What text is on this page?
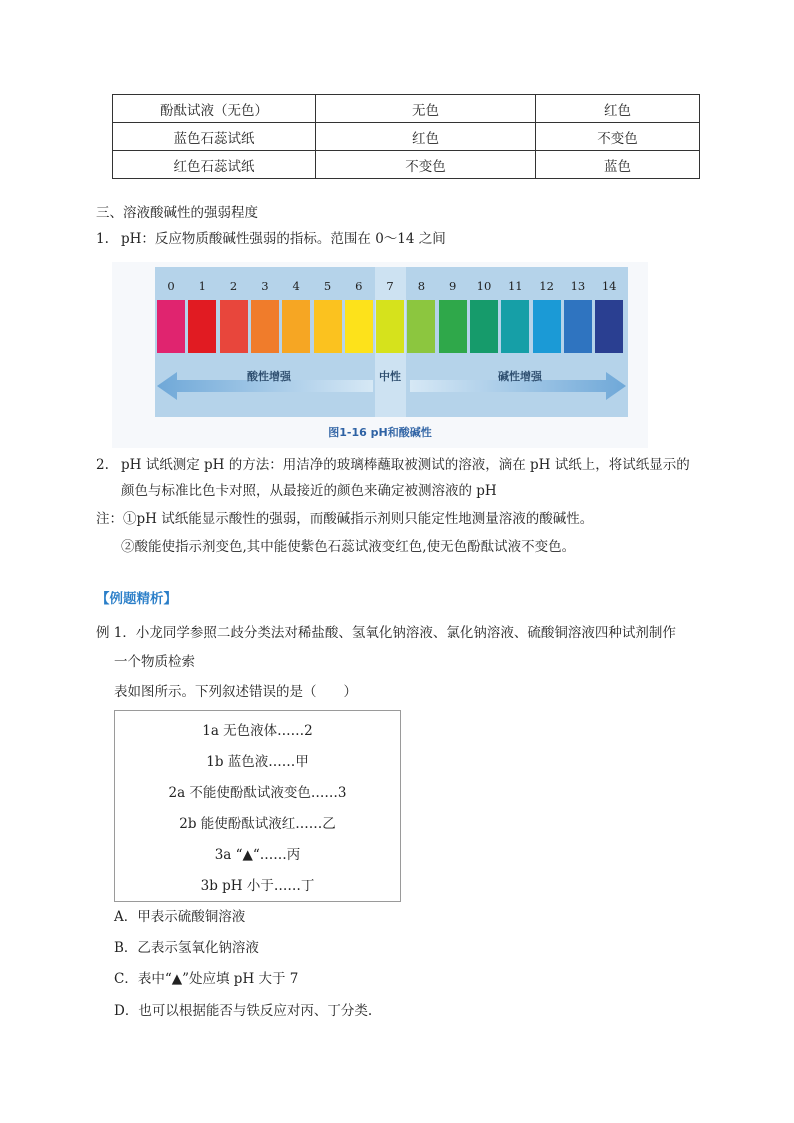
酚酞试液（无色）	无色	红色
蓝色石蕊试纸	红色	不变色
红色石蕊试纸	不变色	蓝色
三、溶液酸碱性的强弱程度
1. pH：反应物质酸碱性强弱的指标。范围在 0～14 之间
0	1	2	3	4	5	6	7	8	9	10	11	12	13	14
酸性增强	中性	碱性增强
图1-16 pH和酸碱性
2. pH 试纸测定 pH 的方法：用洁净的玻璃棒蘸取被测试的溶液，滴在 pH 试纸上，将试纸显示的
颜色与标准比色卡对照，从最接近的颜色来确定被测溶液的 pH
注：①pH 试纸能显示酸性的强弱，而酸碱指示剂则只能定性地测量溶液的酸碱性。
②酸能使指示剂变色,其中能使紫色石蕊试液变红色,使无色酚酞试液不变色。
【例题精析】
例 1．小龙同学参照二歧分类法对稀盐酸、氢氧化钠溶液、氯化钠溶液、硫酸铜溶液四种试剂制作
一个物质检索
表如图所示。下列叙述错误的是（　　）
1a 无色液体……2
1b 蓝色液……甲
2a 不能使酚酞试液变色……3
2b 能使酚酞试液红……乙
3a “▲“……丙
3b pH 小于……丁
A．甲表示硫酸铜溶液
B．乙表示氢氧化钠溶液
C．表中“▲”处应填 pH 大于 7
D．也可以根据能否与铁反应对丙、丁分类.
